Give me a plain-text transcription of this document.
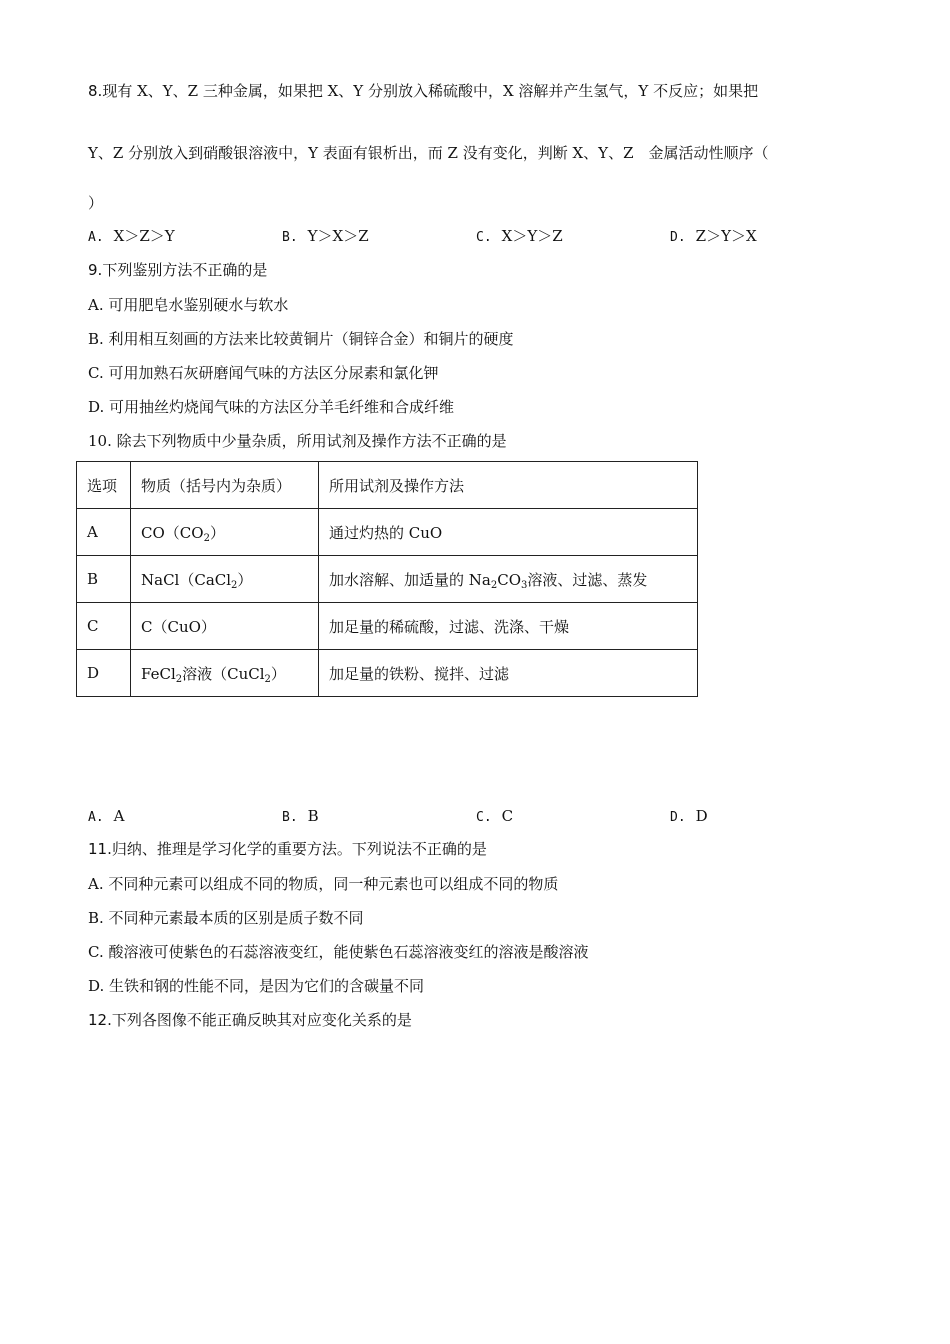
8.现有 X、Y、Z 三种金属，如果把 X、Y 分别放入稀硫酸中，X 溶解并产生氢气，Y 不反应；如果把
Y、Z 分别放入到硝酸银溶液中，Y 表面有银析出，而 Z 没有变化，判断 X、Y、Z　金属活动性顺序（
）
A. X＞Z＞Y	B. Y＞X＞Z	C. X＞Y＞Z	D. Z＞Y＞X
9.下列鉴别方法不正确的是
A. 可用肥皂水鉴别硬水与软水
B. 利用相互刻画的方法来比较黄铜片（铜锌合金）和铜片的硬度
C. 可用加熟石灰研磨闻气味的方法区分尿素和氯化钾
D. 可用抽丝灼烧闻气味的方法区分羊毛纤维和合成纤维
10. 除去下列物质中少量杂质，所用试剂及操作方法不正确的是
选项	物质（括号内为杂质）	所用试剂及操作方法
A	$CO(CO_2)$	通过灼热的 CuO
B	NaCl（CaCl$_2$）	加水溶解、加适量的 $Na_2CO_3$溶液、过滤、蒸发
C	C（CuO）	加足量的稀硫酸，过滤、洗涤、干燥
D	FeCl$_2$溶液（CuCl$_2$）	加足量的铁粉、搅拌、过滤
A. A	B. B	C. C	D. D
11.归纳、推理是学习化学的重要方法。下列说法不正确的是
A. 不同种元素可以组成不同的物质，同一种元素也可以组成不同的物质
B. 不同种元素最本质的区别是质子数不同
C. 酸溶液可使紫色的石蕊溶液变红，能使紫色石蕊溶液变红的溶液是酸溶液
D. 生铁和钢的性能不同，是因为它们的含碳量不同
12.下列各图像不能正确反映其对应变化关系的是
